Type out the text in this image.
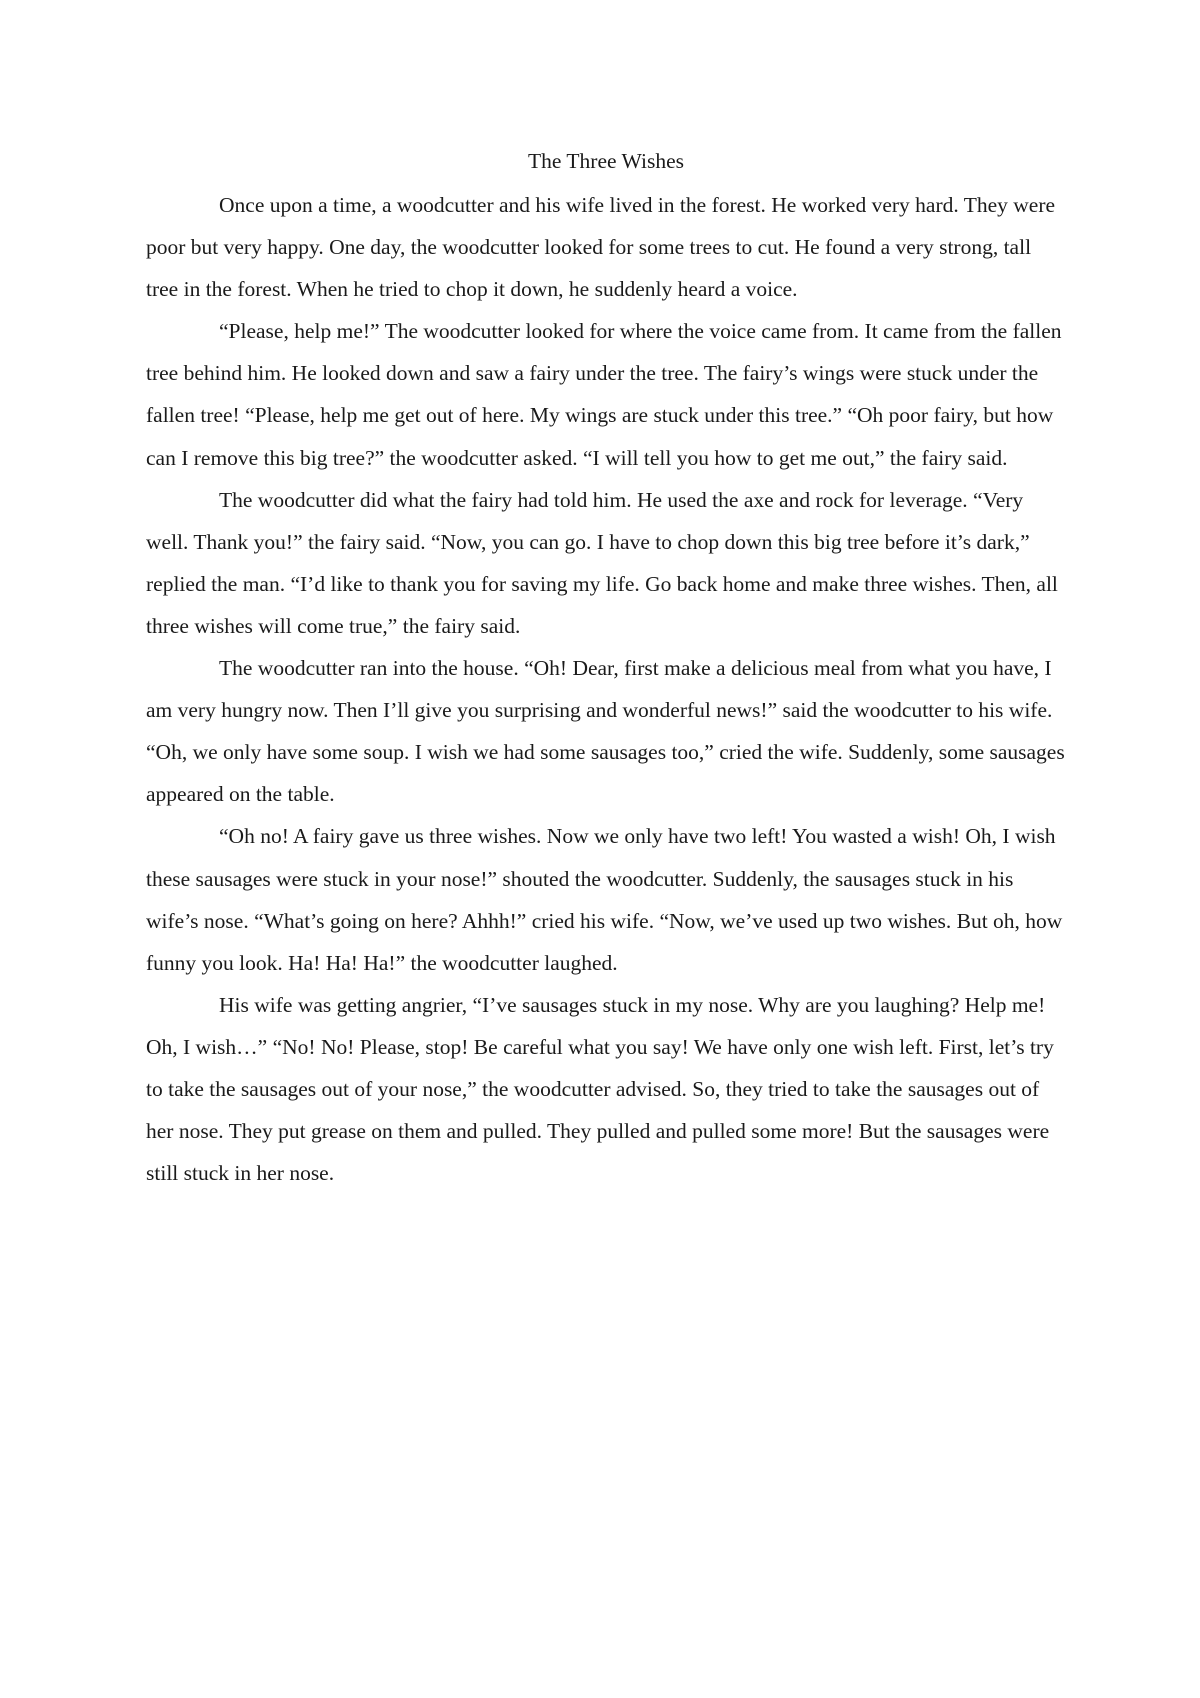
The Three Wishes

Once upon a time, a woodcutter and his wife lived in the forest. He worked very hard. They were poor but very happy. One day, the woodcutter looked for some trees to cut. He found a very strong, tall tree in the forest. When he tried to chop it down, he suddenly heard a voice.

“Please, help me!” The woodcutter looked for where the voice came from. It came from the fallen tree behind him. He looked down and saw a fairy under the tree. The fairy’s wings were stuck under the fallen tree! “Please, help me get out of here. My wings are stuck under this tree.” “Oh poor fairy, but how can I remove this big tree?” the woodcutter asked. “I will tell you how to get me out,” the fairy said.

The woodcutter did what the fairy had told him. He used the axe and rock for leverage. “Very well. Thank you!” the fairy said. “Now, you can go. I have to chop down this big tree before it’s dark,” replied the man. “I’d like to thank you for saving my life. Go back home and make three wishes. Then, all three wishes will come true,” the fairy said.

The woodcutter ran into the house. “Oh! Dear, first make a delicious meal from what you have, I am very hungry now. Then I’ll give you surprising and wonderful news!” said the woodcutter to his wife. “Oh, we only have some soup. I wish we had some sausages too,” cried the wife. Suddenly, some sausages appeared on the table.

“Oh no! A fairy gave us three wishes. Now we only have two left! You wasted a wish! Oh, I wish these sausages were stuck in your nose!” shouted the woodcutter. Suddenly, the sausages stuck in his wife’s nose. “What’s going on here? Ahhh!” cried his wife. “Now, we’ve used up two wishes. But oh, how funny you look. Ha! Ha! Ha!” the woodcutter laughed.

His wife was getting angrier, “I’ve sausages stuck in my nose. Why are you laughing? Help me! Oh, I wish…” “No! No! Please, stop! Be careful what you say! We have only one wish left. First, let’s try to take the sausages out of your nose,” the woodcutter advised. So, they tried to take the sausages out of her nose. They put grease on them and pulled. They pulled and pulled some more! But the sausages were still stuck in her nose.
